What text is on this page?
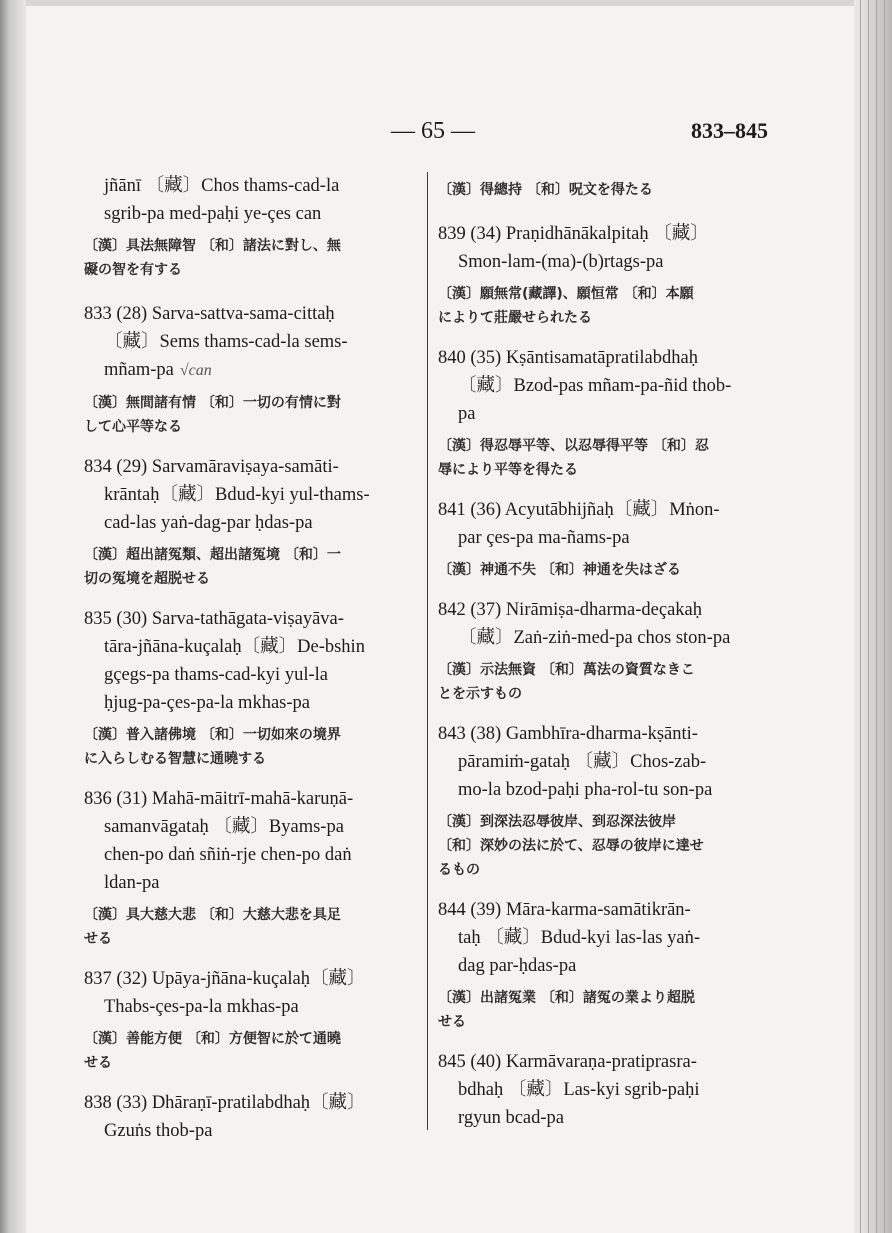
— 65 —	833–845

jñānī 〔藏〕Chos thams-cad-la
sgrib-pa med-paḥi ye-çes can

〔漢〕具法無障智 〔和〕諸法に對し、無
礙の智を有する

833 (28) Sarva-sattva-sama-cittaḥ
〔藏〕Sems thams-cad-la sems-
mñam-pa √can

〔漢〕無間諸有情 〔和〕一切の有情に對
して心平等なる

834 (29) Sarvamāraviṣaya-samāti-
krāntaḥ〔藏〕Bdud-kyi yul-thams-
cad-las yaṅ-dag-par ḥdas-pa

〔漢〕超出諸冤類、超出諸冤境 〔和〕一
切の冤境を超脱せる

835 (30) Sarva-tathāgata-viṣayāva-
tāra-jñāna-kuçalaḥ〔藏〕De-bshin
gçegs-pa thams-cad-kyi yul-la
ḥjug-pa-çes-pa-la mkhas-pa

〔漢〕普入諸佛境 〔和〕一切如來の境界
に入らしむる智慧に通曉する

836 (31) Mahā-māitrī-mahā-karuṇā-
samanvāgataḥ 〔藏〕Byams-pa
chen-po daṅ sñiṅ-rje chen-po daṅ
ldan-pa

〔漢〕具大慈大悲 〔和〕大慈大悲を具足
せる

837 (32) Upāya-jñāna-kuçalaḥ〔藏〕
Thabs-çes-pa-la mkhas-pa

〔漢〕善能方便 〔和〕方便智に於て通曉
せる

838 (33) Dhāraṇī-pratilabdhaḥ〔藏〕
Gzuṅs thob-pa

〔漢〕得總持 〔和〕呪文を得たる

839 (34) Praṇidhānākalpitaḥ 〔藏〕
Smon-lam-(ma)-(b)rtags-pa

〔漢〕願無常(藏譯)、願恒常 〔和〕本願
によりて莊嚴せられたる

840 (35) Kṣāntisamatāpratilabdhaḥ
〔藏〕Bzod-pas mñam-pa-ñid thob-
pa

〔漢〕得忍辱平等、以忍辱得平等 〔和〕忍
辱により平等を得たる

841 (36) Acyutābhijñaḥ〔藏〕Mṅon-
par çes-pa ma-ñams-pa

〔漢〕神通不失 〔和〕神通を失はざる

842 (37) Nirāmiṣa-dharma-deçakaḥ
〔藏〕Zaṅ-ziṅ-med-pa chos ston-pa

〔漢〕示法無資 〔和〕萬法の資質なきこ
とを示すもの

843 (38) Gambhīra-dharma-kṣānti-
pāramiṁ-gataḥ 〔藏〕Chos-zab-
mo-la bzod-paḥi pha-rol-tu son-pa

〔漢〕到深法忍辱彼岸、到忍深法彼岸
〔和〕深妙の法に於て、忍辱の彼岸に達せ
るもの

844 (39) Māra-karma-samātikrān-
taḥ 〔藏〕Bdud-kyi las-las yaṅ-
dag par-ḥdas-pa

〔漢〕出諸冤業 〔和〕諸冤の業より超脱
せる

845 (40) Karmāvaraṇa-pratiprasra-
bdhaḥ 〔藏〕Las-kyi sgrib-paḥi
rgyun bcad-pa
